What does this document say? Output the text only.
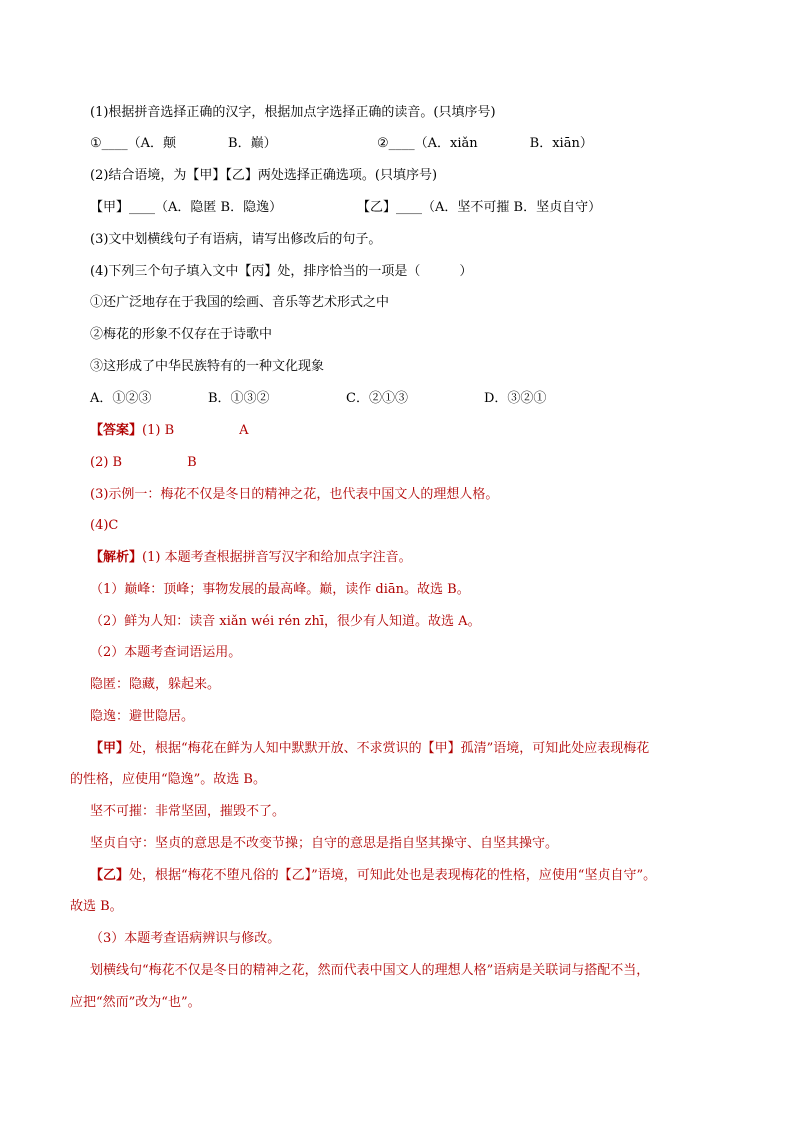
(1)根据拼音选择正确的汉字，根据加点字选择正确的读音。(只填序号)
①____（A．颠　　　　B．巅）	②____（A．xiǎn　　　　B．xiān）
(2)结合语境，为【甲】【乙】两处选择正确选项。(只填序号)
【甲】____（A．隐匿 B．隐逸）	【乙】____（A．坚不可摧 B．坚贞自守）
(3)文中划横线句子有语病，请写出修改后的句子。
(4)下列三个句子填入文中【丙】处，排序恰当的一项是（　　　）
①还广泛地存在于我国的绘画、音乐等艺术形式之中
②梅花的形象不仅存在于诗歌中
③这形成了中华民族特有的一种文化现象
A．①②③	B．①③②	C．②①③	D．③②①
【答案】(1) B　　　　　A
(2) B　　　　　B
(3)示例一：梅花不仅是冬日的精神之花，也代表中国文人的理想人格。
(4)C
【解析】(1) 本题考查根据拼音写汉字和给加点字注音。
（1）巅峰：顶峰；事物发展的最高峰。巅，读作 diān。故选 B。
（2）鲜为人知：读音 xiǎn wéi rén zhī，很少有人知道。故选 A。
（2）本题考查词语运用。
隐匿：隐藏，躲起来。
隐逸：避世隐居。
【甲】处，根据“梅花在鲜为人知中默默开放、不求赏识的【甲】孤清”语境，可知此处应表现梅花
的性格，应使用“隐逸”。故选 B。
坚不可摧：非常坚固，摧毁不了。
坚贞自守：坚贞的意思是不改变节操；自守的意思是指自坚其操守、自坚其操守。
【乙】处，根据“梅花不堕凡俗的【乙】”语境，可知此处也是表现梅花的性格，应使用“坚贞自守”。
故选 B。
（3）本题考查语病辨识与修改。
划横线句“梅花不仅是冬日的精神之花，然而代表中国文人的理想人格”语病是关联词与搭配不当，
应把“然而”改为“也”。
